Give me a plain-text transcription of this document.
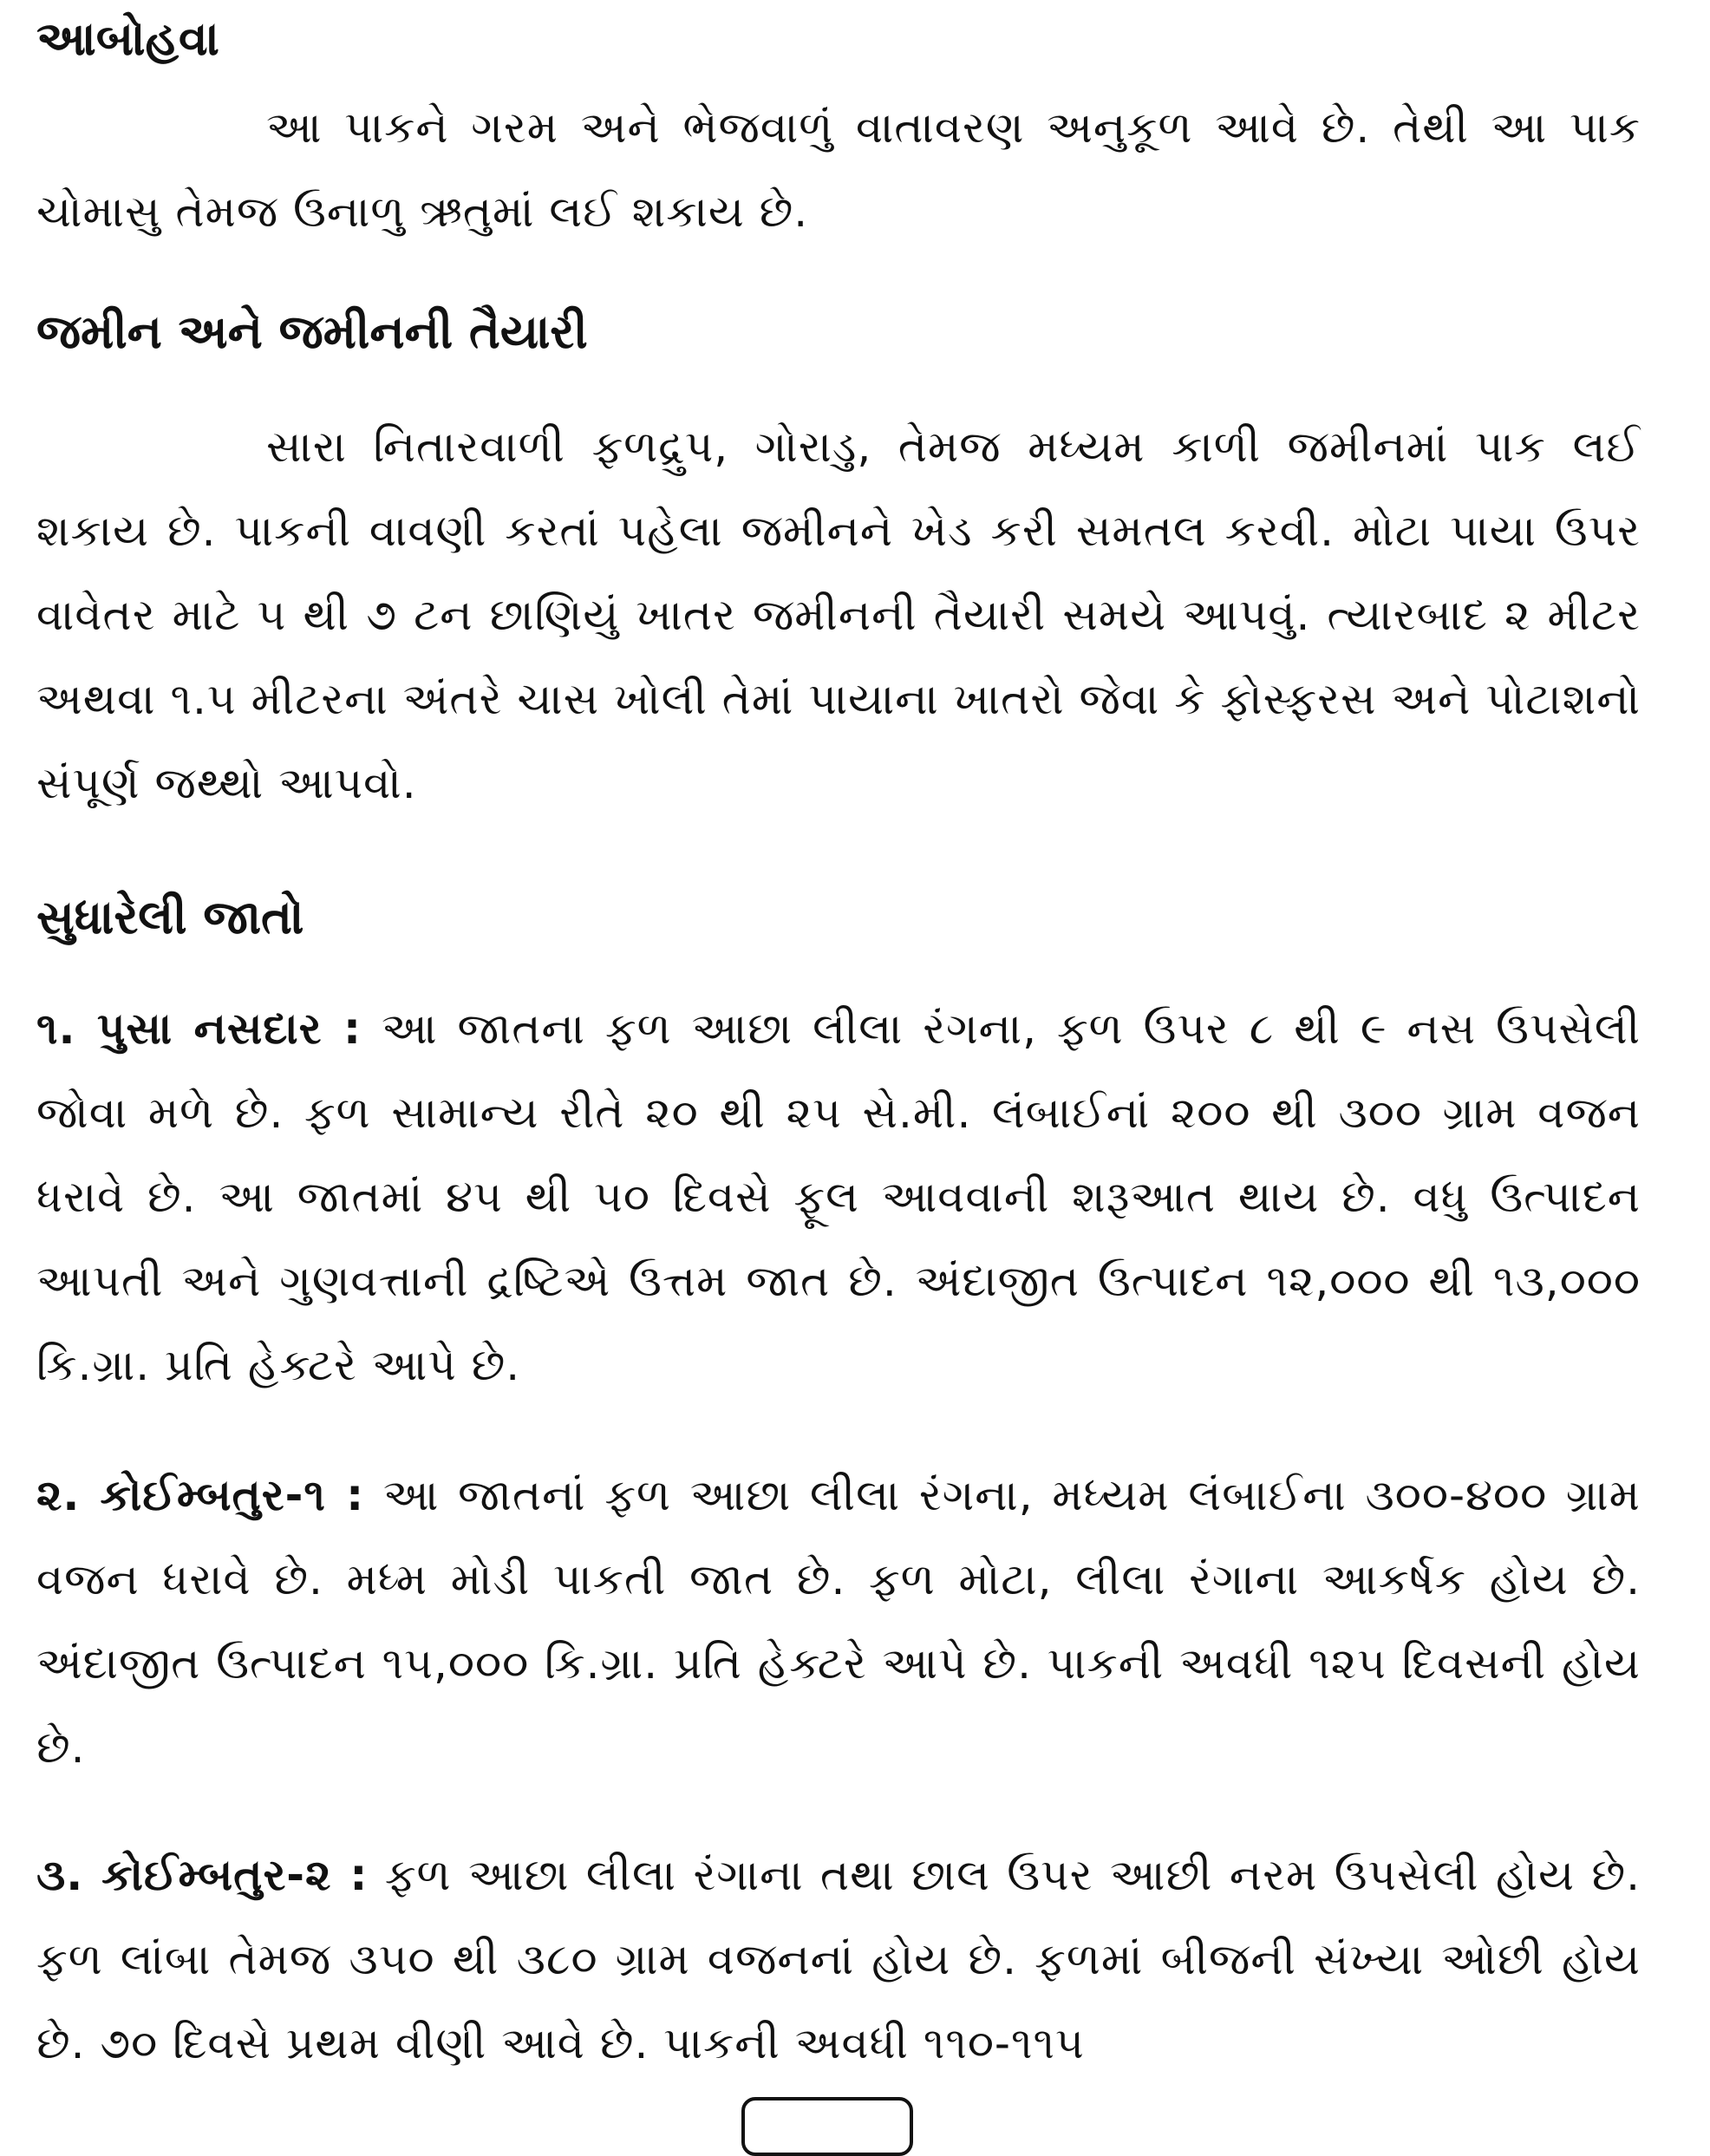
આબોહવા

આ પાકને ગરમ અને ભેજવાળું વાતાવરણ અનુકૂળ આવે છે. તેથી આ પાક ચોમાસુ તેમજ ઉનાળુ ઋતુમાં લઈ શકાય છે.

જમીન અને જમીનની તૈયારી

સારા નિતારવાળી ફળદ્રુપ, ગોરાડુ, તેમજ મધ્યમ કાળી જમીનમાં પાક લઈ શકાય છે. પાકની વાવણી કરતાં પહેલા જમીનને ખેડ કરી સમતલ કરવી. મોટા પાયા ઉપર વાવેતર માટે ૫ થી ૭ ટન છાણિયું ખાતર જમીનની તૈયારી સમયે આપવું. ત્યારબાદ ૨ મીટર અથવા ૧.૫ મીટરના અંતરે ચાસ ખોલી તેમાં પાયાના ખાતરો જેવા કે ફોસ્ફરસ અને પોટાશનો સંપૂર્ણ જથ્થો આપવો.

સુધારેલી જાતો

૧. પુસા નસદાર : આ જાતના ફળ આછા લીલા રંગના, ફળ ઉપર ૮ થી ૯ નસ ઉપસેલી જોવા મળે છે. ફળ સામાન્ય રીતે ૨૦ થી ૨૫ સે.મી. લંબાઈનાં ૨૦૦ થી ૩૦૦ ગ્રામ વજન ધરાવે છે. આ જાતમાં ૪૫ થી ૫૦ દિવસે ફૂલ આવવાની શરૂઆત થાય છે. વધુ ઉત્પાદન આપતી અને ગુણવત્તાની દ્રષ્ટિએ ઉત્તમ જાત છે. અંદાજીત ઉત્પાદન ૧૨,૦૦૦ થી ૧૩,૦૦૦ કિ.ગ્રા. પ્રતિ હેક્ટરે આપે છે.

૨. કોઈમ્બતુર-૧ : આ જાતનાં ફળ આછા લીલા રંગના, મધ્યમ લંબાઈના ૩૦૦-૪૦૦ ગ્રામ વજન ધરાવે છે. મધ્મ મોડી પાકતી જાત છે. ફળ મોટા, લીલા રંગાના આકર્ષક હોય છે. અંદાજીત ઉત્પાદન ૧૫,૦૦૦ કિ.ગ્રા. પ્રતિ હેક્ટરે આપે છે. પાકની અવધી ૧૨૫ દિવસની હોય છે.

૩. કોઈમ્બતુર-૨ : ફળ આછા લીલા રંગાના તથા છાલ ઉપર આછી નરમ ઉપસેલી હોય છે. ફળ લાંબા તેમજ ૩૫૦ થી ૩૮૦ ગ્રામ વજનનાં હોય છે. ફળમાં બીજની સંખ્યા ઓછી હોય છે. ૭૦ દિવસે પ્રથમ વીણી આવે છે. પાકની અવધી ૧૧૦-૧૧૫
